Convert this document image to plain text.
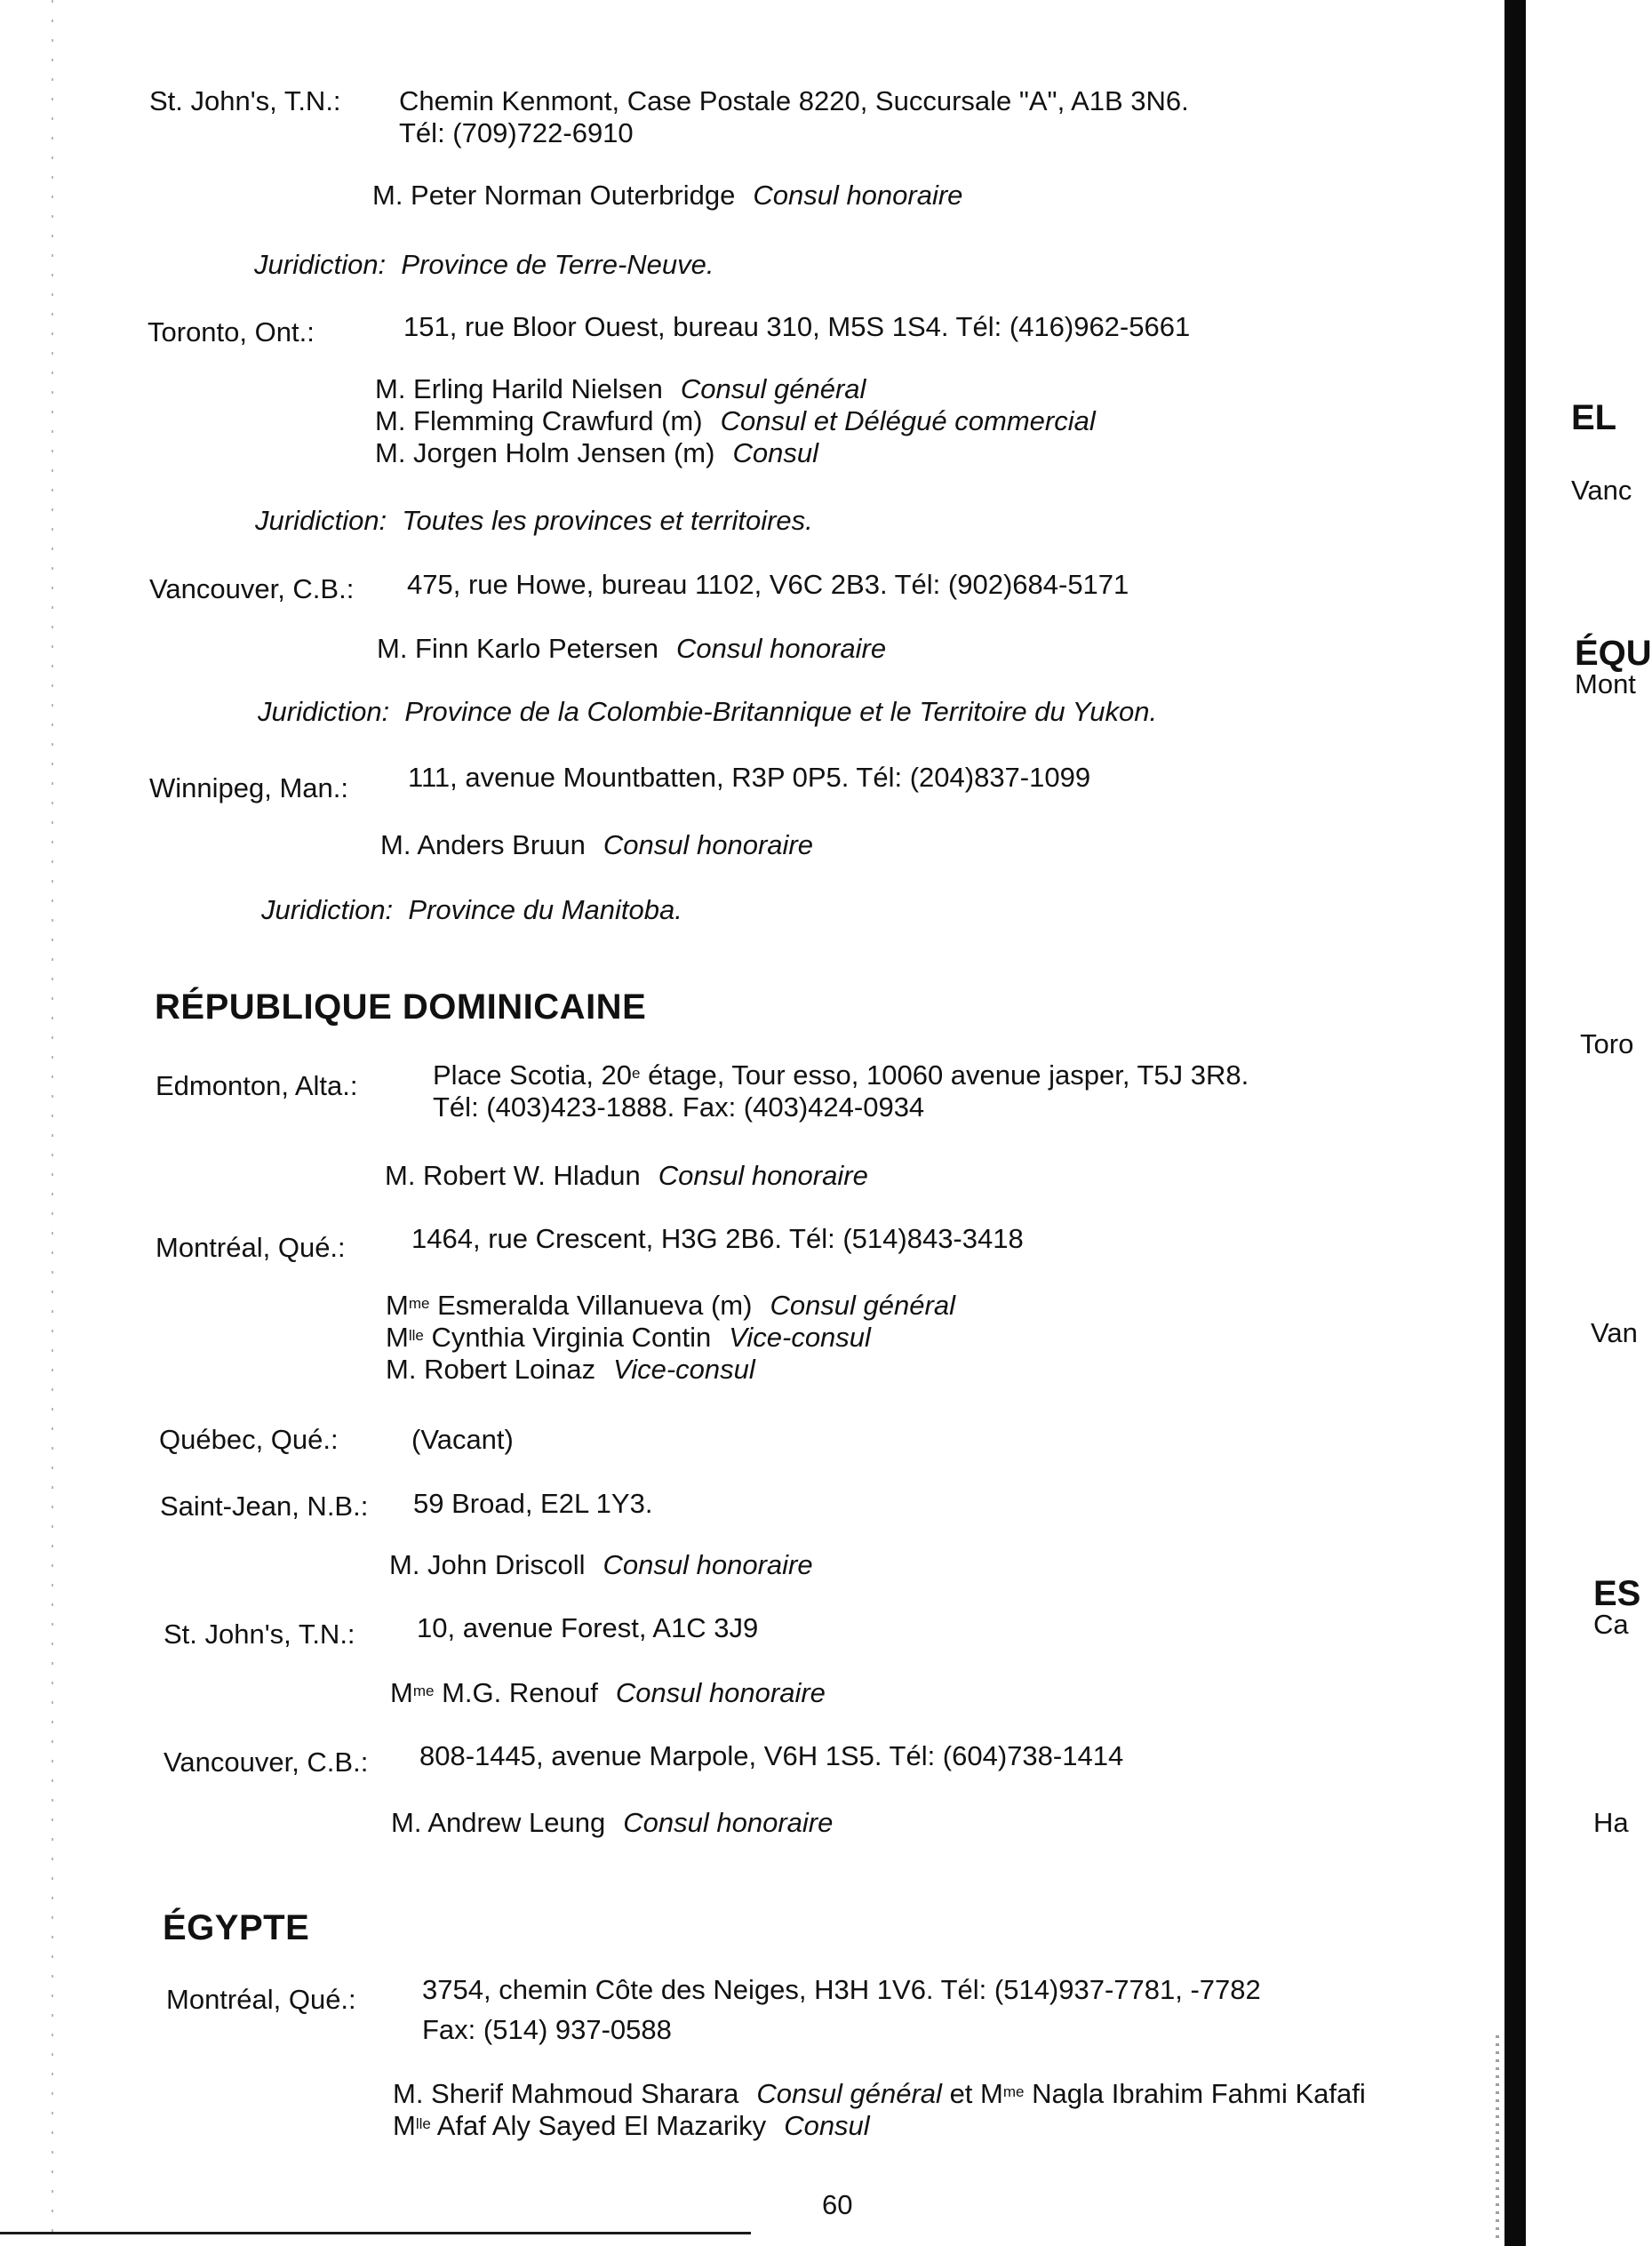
St. John's, T.N.: Chemin Kenmont, Case Postale 8220, Succursale "A", A1B 3N6.
Tél: (709)722-6910
M. Peter Norman Outerbridge Consul honoraire
Juridiction: Province de Terre-Neuve.
Toronto, Ont.:	151, rue Bloor Ouest, bureau 310, M5S 1S4. Tél: (416)962-5661
M. Erling Harild Nielsen Consul général
M. Flemming Crawfurd (m) Consul et Délégué commercial
M. Jorgen Holm Jensen (m) Consul
Juridiction: Toutes les provinces et territoires.
Vancouver, C.B.: 475, rue Howe, bureau 1102, V6C 2B3. Tél: (902)684-5171
M. Finn Karlo Petersen Consul honoraire
Juridiction: Province de la Colombie-Britannique et le Territoire du Yukon.
Winnipeg, Man.: 111, avenue Mountbatten, R3P 0P5. Tél: (204)837-1099
M. Anders Bruun Consul honoraire
Juridiction: Province du Manitoba.
RÉPUBLIQUE DOMINICAINE
Edmonton, Alta.:	Place Scotia, 20e étage, Tour esso, 10060 avenue jasper, T5J 3R8.
Tél: (403)423-1888. Fax: (403)424-0934
M. Robert W. Hladun Consul honoraire
Montréal, Qué.: 1464, rue Crescent, H3G 2B6. Tél: (514)843-3418
$M^{me}$ Esmeralda Villanueva (m) Consul général
$M^{lle}$ Cynthia Virginia Contin Vice-consul
M. Robert Loinaz Vice-consul
Québec, Qué.:	(Vacant)
Saint-Jean, N.B.: 59 Broad, E2L 1Y3.
M. John Driscoll Consul honoraire
St. John's, T.N.: 10, avenue Forest, A1C 3J9
$M^{me}$ M.G. Renouf Consul honoraire
Vancouver, C.B.: 808-1445, avenue Marpole, V6H 1S5. Tél: (604)738-1414
M. Andrew Leung Consul honoraire
ÉGYPTE
Montréal, Qué.: 3754, chemin Côte des Neiges, H3H 1V6. Tél: (514)937-7781, -7782
Fax: (514) 937-0588
M. Sherif Mahmoud Sharara Consul général et $M^{me}$ Nagla Ibrahim Fahmi Kafafi
$M^{lle}$ Afaf Aly Sayed El Mazariky Consul
60
EL
Vanc
ÉQU
Mont
Toro
Van
ES
Ca
Ha
